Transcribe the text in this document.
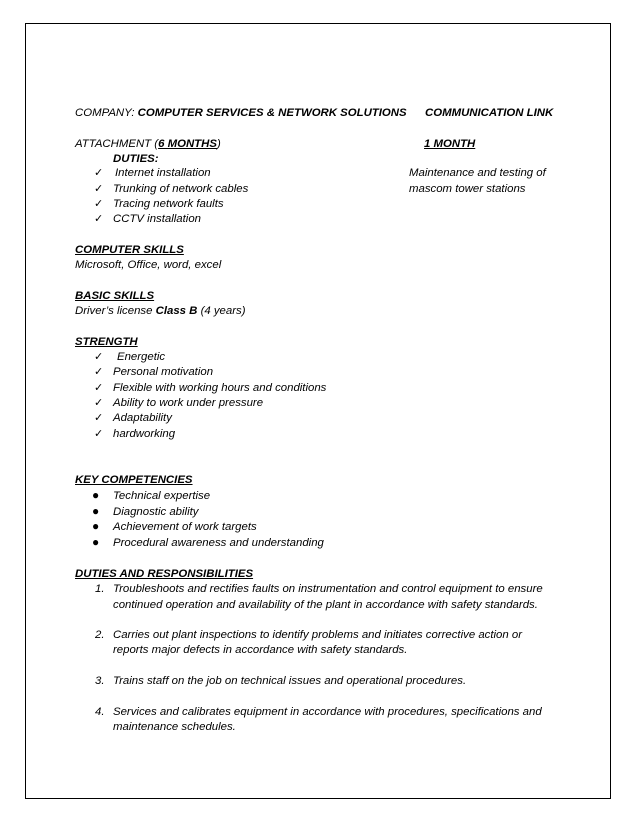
COMPANY: COMPUTER SERVICES & NETWORK SOLUTIONS COMMUNICATION LINK
ATTACHMENT (6 MONTHS)	1 MONTH
DUTIES:
✓ Internet installation
✓ Trunking of network cables
✓ Tracing network faults
✓ CCTV installation
Maintenance and testing of
mascom tower stations
COMPUTER SKILLS
Microsoft, Office, word, excel
BASIC SKILLS
Driver’s license Class B (4 years)
STRENGTH
✓ Energetic
✓ Personal motivation
✓ Flexible with working hours and conditions
✓ Ability to work under pressure
✓ Adaptability
✓ hardworking
KEY COMPETENCIES
● Technical expertise
● Diagnostic ability
● Achievement of work targets
● Procedural awareness and understanding
DUTIES AND RESPONSIBILITIES
1. Troubleshoots and rectifies faults on instrumentation and control equipment to ensure
continued operation and availability of the plant in accordance with safety standards.
2. Carries out plant inspections to identify problems and initiates corrective action or
reports major defects in accordance with safety standards.
3. Trains staff on the job on technical issues and operational procedures.
4. Services and calibrates equipment in accordance with procedures, specifications and
maintenance schedules.
